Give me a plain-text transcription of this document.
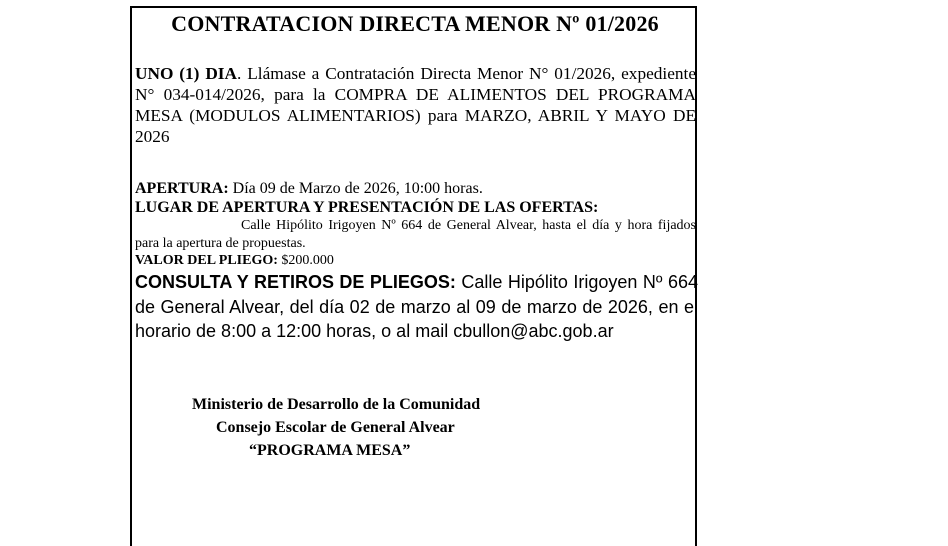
CONTRATACION DIRECTA MENOR Nº 01/2026
UNO (1) DIA. Llámase a Contratación Directa Menor N° 01/2026, expediente N° 034-014/2026, para la COMPRA DE ALIMENTOS DEL PROGRAMA MESA (MODULOS ALIMENTARIOS) para MARZO, ABRIL Y MAYO DE 2026
APERTURA: Día 09 de Marzo de 2026, 10:00 horas.
LUGAR DE APERTURA Y PRESENTACIÓN DE LAS OFERTAS:
Calle Hipólito Irigoyen Nº 664 de General Alvear, hasta el día y hora fijados para la apertura de propuestas.
VALOR DEL PLIEGO: $200.000
CONSULTA Y RETIROS DE PLIEGOS: Calle Hipólito Irigoyen Nº 664 de General Alvear, del día 02 de marzo al 09 de marzo de 2026, en el horario de 8:00 a 12:00 horas, o al mail cbullon@abc.gob.ar
Ministerio de Desarrollo de la Comunidad
Consejo Escolar de General Alvear
“PROGRAMA MESA”
